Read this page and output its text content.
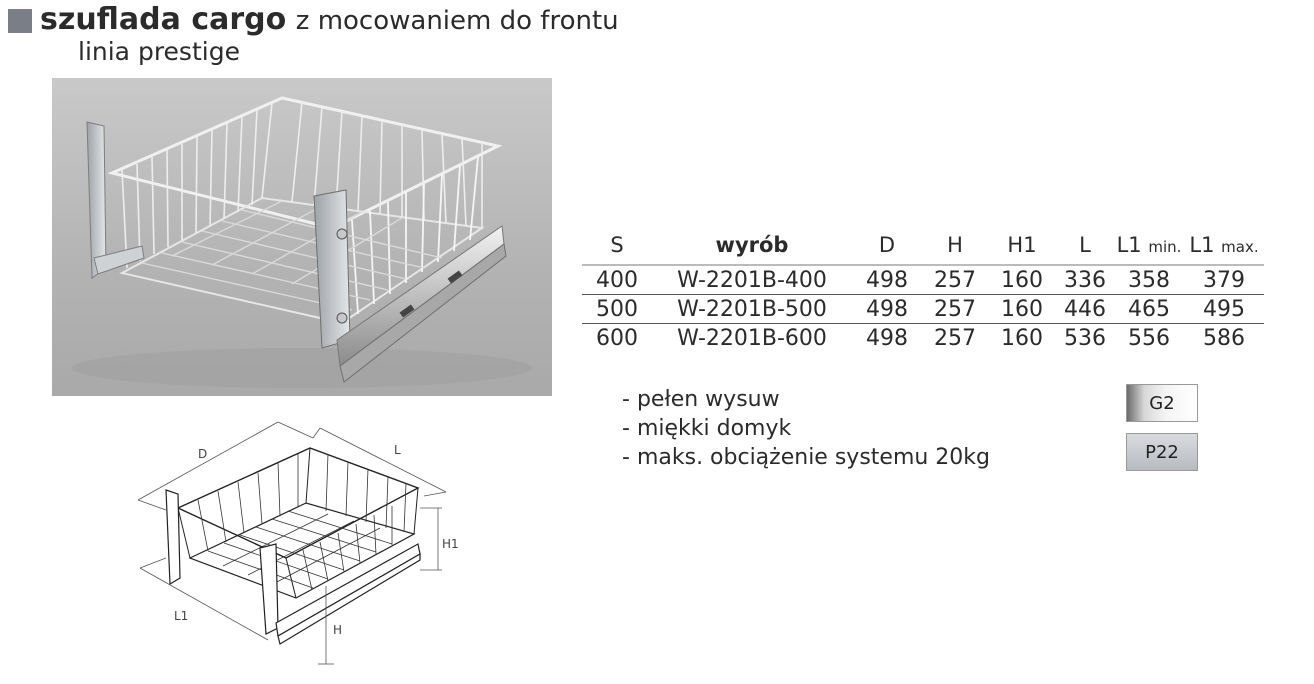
szuflada cargo z mocowaniem do frontu
linia prestige
D	L
H1
L1
H
S	wyrób	D	H	H1	L	L1 min.	L1 max.
400	W-2201B-400	498	257	160	336	358	379
500	W-2201B-500	498	257	160	446	465	495
600	W-2201B-600	498	257	160	536	556	586
- pełen wysuw
- miękki domyk
- maks. obciążenie systemu 20kg
G2
P22
